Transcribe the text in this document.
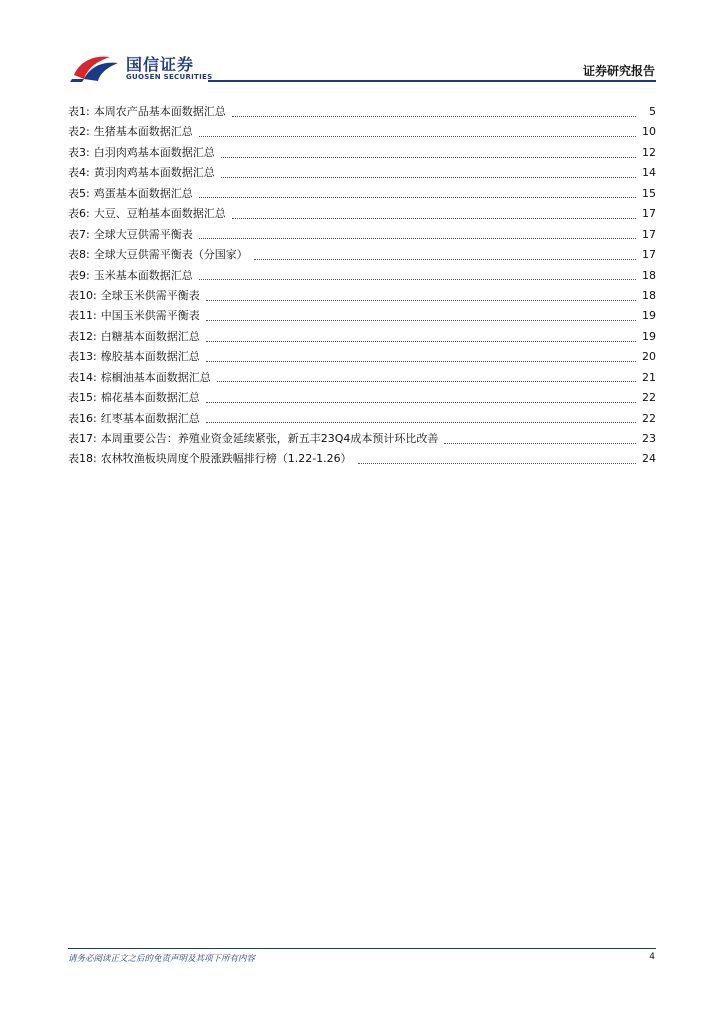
国信证券
GUOSEN SECURITIES	证券研究报告
表1: 本周农产品基本面数据汇总	5
表2: 生猪基本面数据汇总	10
表3: 白羽肉鸡基本面数据汇总	12
表4: 黄羽肉鸡基本面数据汇总	14
表5: 鸡蛋基本面数据汇总	15
表6: 大豆、豆粕基本面数据汇总	17
表7: 全球大豆供需平衡表	17
表8: 全球大豆供需平衡表（分国家）	17
表9: 玉米基本面数据汇总	18
表10: 全球玉米供需平衡表	18
表11: 中国玉米供需平衡表	19
表12: 白糖基本面数据汇总	19
表13: 橡胶基本面数据汇总	20
表14: 棕榈油基本面数据汇总	21
表15: 棉花基本面数据汇总	22
表16: 红枣基本面数据汇总	22
表17: 本周重要公告：养殖业资金延续紧张，新五丰23Q4成本预计环比改善	23
表18: 农林牧渔板块周度个股涨跌幅排行榜（1.22-1.26）	24
请务必阅读正文之后的免责声明及其项下所有内容	4
